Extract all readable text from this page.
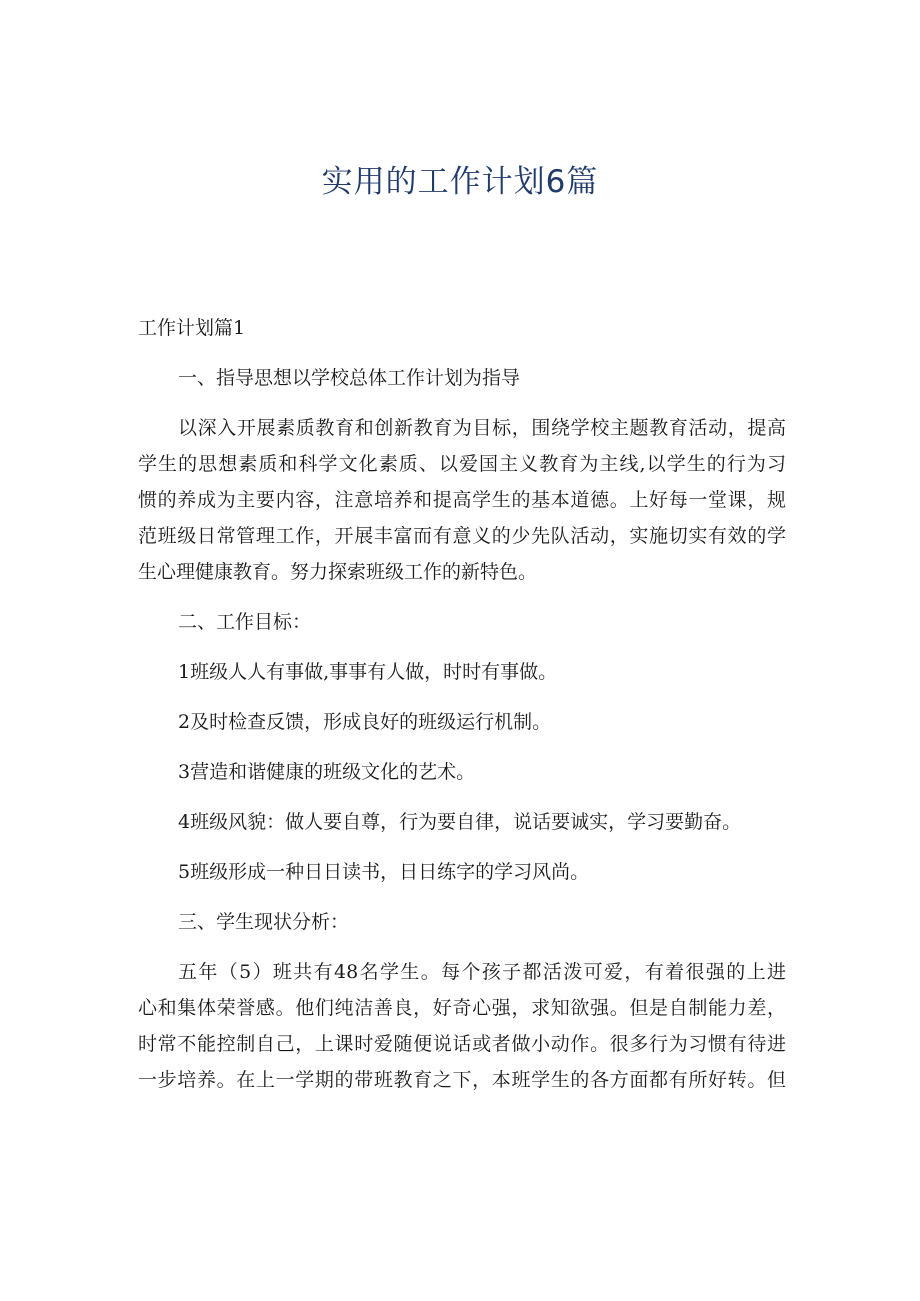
实用的工作计划6篇

工作计划篇1

一、指导思想以学校总体工作计划为指导

以深入开展素质教育和创新教育为目标，围绕学校主题教育活动，提高
学生的思想素质和科学文化素质、以爱国主义教育为主线,以学生的行为习
惯的养成为主要内容，注意培养和提高学生的基本道德。上好每一堂课，规
范班级日常管理工作，开展丰富而有意义的少先队活动，实施切实有效的学
生心理健康教育。努力探索班级工作的新特色。

二、工作目标：

1班级人人有事做,事事有人做，时时有事做。

2及时检查反馈，形成良好的班级运行机制。

3营造和谐健康的班级文化的艺术。

4班级风貌：做人要自尊，行为要自律，说话要诚实，学习要勤奋。

5班级形成一种日日读书，日日练字的学习风尚。

三、学生现状分析：

五年（5）班共有48名学生。每个孩子都活泼可爱，有着很强的上进
心和集体荣誉感。他们纯洁善良，好奇心强，求知欲强。但是自制能力差，
时常不能控制自己，上课时爱随便说话或者做小动作。很多行为习惯有待进
一步培养。在上一学期的带班教育之下，本班学生的各方面都有所好转。但
